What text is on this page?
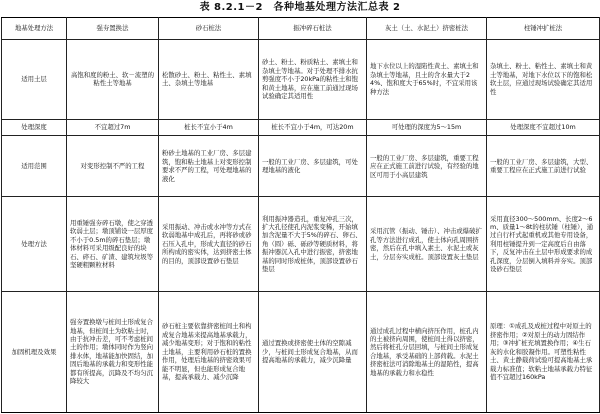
表 8.2.1－2　各种地基处理方法汇总表 2
地基处理方法	强夯置换法	砂石桩法	振冲碎石桩法	灰土（土、水泥土）挤密桩法	柱锤冲扩桩法
适用土层	高饱和度的粉土、软－流塑的粘性土等地基	松散砂土、粉土、粘性土、素填土、杂填土等地基	砂土、粉土、粉质粘土、素填土和杂填土等地基。对于处理不排水抗剪强度不小于20kPa的粘性土和饱和黄土地基，应在施工前通过现场试验确定其适用性	地下水位以上的湿陷性黄土、素填土和杂填土等地基，且土的含水量大于24%、饱和度大于65%时，不宜采用该种方法	杂填土、粉土、粘性土、素填土和黄土等地基，对地下水位以下的饱和松软土层，应通过现场试验确定其适用性
处理深度	不宜超过7m	桩长不宜小于4m	桩长不宜小于4m，可达20m	可处理的深度为5～15m	处理深度不宜超过10m
适用范围	对变形控制不严的工程	粉砂土地基的工业厂房、多层建筑，饱和粘土地基上对变形控制要求不严的工程，可处理地基的液化	一般的工业厂房、多层建筑，可处理地基的液化	一般的工业厂房、多层建筑，重要工程应在正式施工前进行试验，有经验的地区可用于小高层建筑	一般的工业厂房、多层建筑，大型、重要工程应在正式施工前进行试验
处理方法	用重锤强夯碎石墩，使之穿透软弱土层；墩顶铺设一层厚度不小于0.5m的碎石垫层；墩体材料可采用级配良好的块石、碎石、矿渣、建筑垃圾等坚硬粗颗粒材料	采用振动、冲击或水冲等方式在软弱地基中成孔后，再将砂或砂石压入孔中，形成大直径的砂石所构成的密实体，达到挤密土体的目的，顶部设置砂石垫层	利用振冲器造孔，重复冲孔三次，扩大孔径使孔内泥浆变稀，开始填加含泥量不大于5%的碎石、卵石、角（圆）砾、砾砂等硬质材料，将振冲器沉入孔中进行振密，挤密地基的同时形成桩体，顶部设置砂石垫层	采用沉管（振动、锤击）、冲击或爆破扩孔等方法进行成孔，使土体向孔周围挤密，然后在孔中填入素土、水泥土或灰土，分层夯实成桩。顶部设置灰土垫层	采用直径300～500mm、长度2～6m、质量1～8t的柱状锤（柱锤），通过自行杆式起重机或其他专用设备，利用柱锤提升到一定高度后自由落下，反复冲击在土层中形成要求的成孔深度，分层倒入填料并夯实。顶部设砂石垫层
加固机理及效果	强夯置换墩与桩间土形成复合地基，但桩间土为软粘土时，由于抗冲击差，可不考虑桩间土的作用；墩体同时作为竖向排水体，地基能加快固结，加固后地基的承载力和变形性能都有所提高，沉降及不均匀沉降较大	砂石桩主要依靠挤密桩间土和构成复合地基来提高地基承载力，减少地基变形；对于饱和的粘性土地基，主要利用砂石桩的置换作用，处理后地基的挤密效果可能不明显，但也能形成复合地基，提高承载力、减少沉降	通过置换或挤密使土体的空隙减少，与桩间土形成复合地基，从而提高地基的承载力，减少沉降量	通过成孔过程中横向挤压作用，桩孔内的土被挤向周围，使桩间土得以挤密，然后将桩孔分层回填，与桩间土形成复合地基，承受基础的上部荷载。水泥土挤密桩法可消除地基土的湿陷性，提高地基的承载力和水稳性	原理：①成孔及成桩过程中对原土的挤密作用；②对原土的动力固结作用；③冲扩桩充填置换作用；④生石灰的水化和胶凝作用。可塑性粘性土、黄土静载荷试验可提高地基土承载力标准值；软粘土地基承载力特征值不宜超过160kPa
